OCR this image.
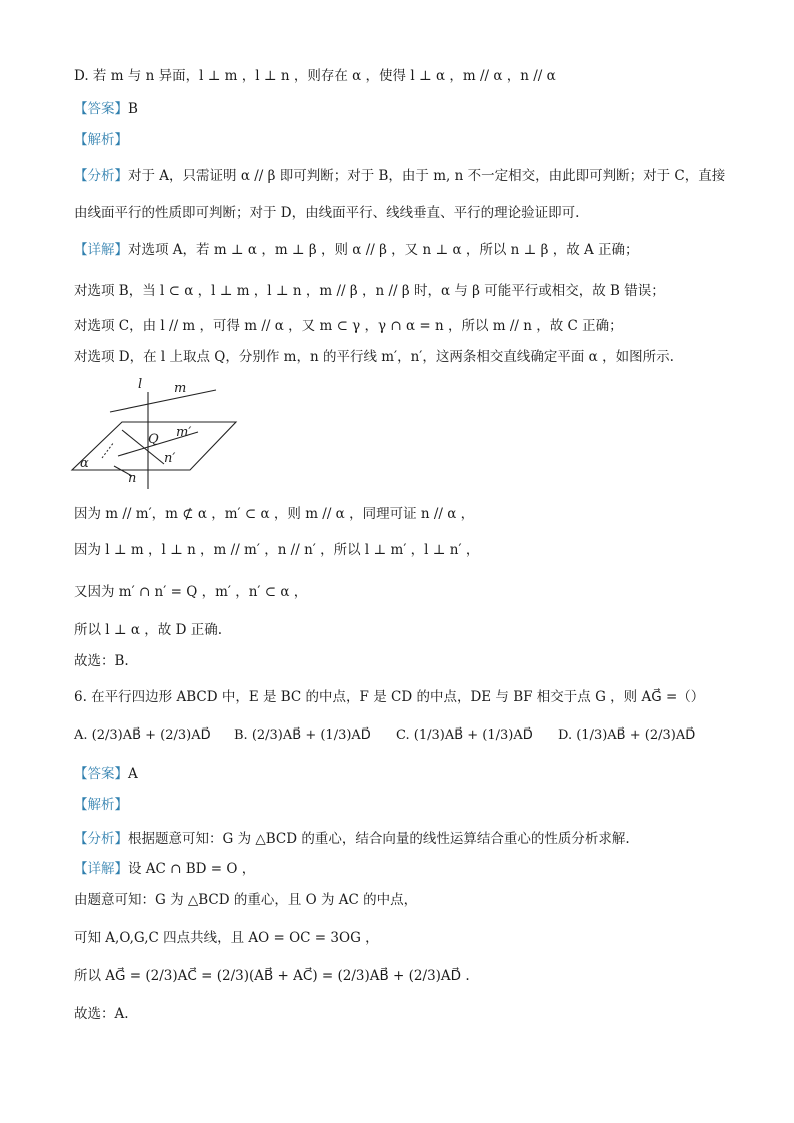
D. 若 m 与 n 异面，l ⊥ m ，l ⊥ n ，则存在 α ，使得 l ⊥ α ，m // α ，n // α
【答案】B
【解析】
【分析】对于 A，只需证明 α // β 即可判断；对于 B，由于 m, n 不一定相交，由此即可判断；对于 C，直接
由线面平行的性质即可判断；对于 D，由线面平行、线线垂直、平行的理论验证即可.
【详解】对选项 A，若 m ⊥ α ，m ⊥ β ，则 α // β ，又 n ⊥ α ，所以 n ⊥ β ，故 A 正确；
对选项 B，当 l ⊂ α ，l ⊥ m ，l ⊥ n ，m // β ，n // β 时，α 与 β 可能平行或相交，故 B 错误；
对选项 C，由 l // m ，可得 m // α ，又 m ⊂ γ ，γ ∩ α = n ，所以 m // n ，故 C 正确；
对选项 D，在 l 上取点 Q，分别作 m，n 的平行线 m′，n′，这两条相交直线确定平面 α ，如图所示.
l m
Q m′
n′
α
n
因为 m // m′，m ⊄ α ，m′ ⊂ α ，则 m // α ，同理可证 n // α ，
因为 l ⊥ m ，l ⊥ n ，m // m′ ，n // n′ ，所以 l ⊥ m′ ，l ⊥ n′ ，
又因为 m′ ∩ n′ = Q ，m′ ，n′ ⊂ α ，
所以 l ⊥ α ，故 D 正确.
故选：B.
6. 在平行四边形 ABCD 中，E 是 BC 的中点，F 是 CD 的中点，DE 与 BF 相交于点 G ，则 AG⃗ =（）
A. (2/3)AB⃗ + (2/3)AD⃗ B. (2/3)AB⃗ + (1/3)AD⃗ C. (1/3)AB⃗ + (1/3)AD⃗ D. (1/3)AB⃗ + (2/3)AD⃗
【答案】A
【解析】
【分析】根据题意可知：G 为 △BCD 的重心，结合向量的线性运算结合重心的性质分析求解.
【详解】设 AC ∩ BD = O ，
由题意可知：G 为 △BCD 的重心，且 O 为 AC 的中点，
可知 A,O,G,C 四点共线，且 AO = OC = 3OG ，
所以 AG⃗ = (2/3)AC⃗ = (2/3)(AB⃗ + AC⃗) = (2/3)AB⃗ + (2/3)AD⃗ .
故选：A.
